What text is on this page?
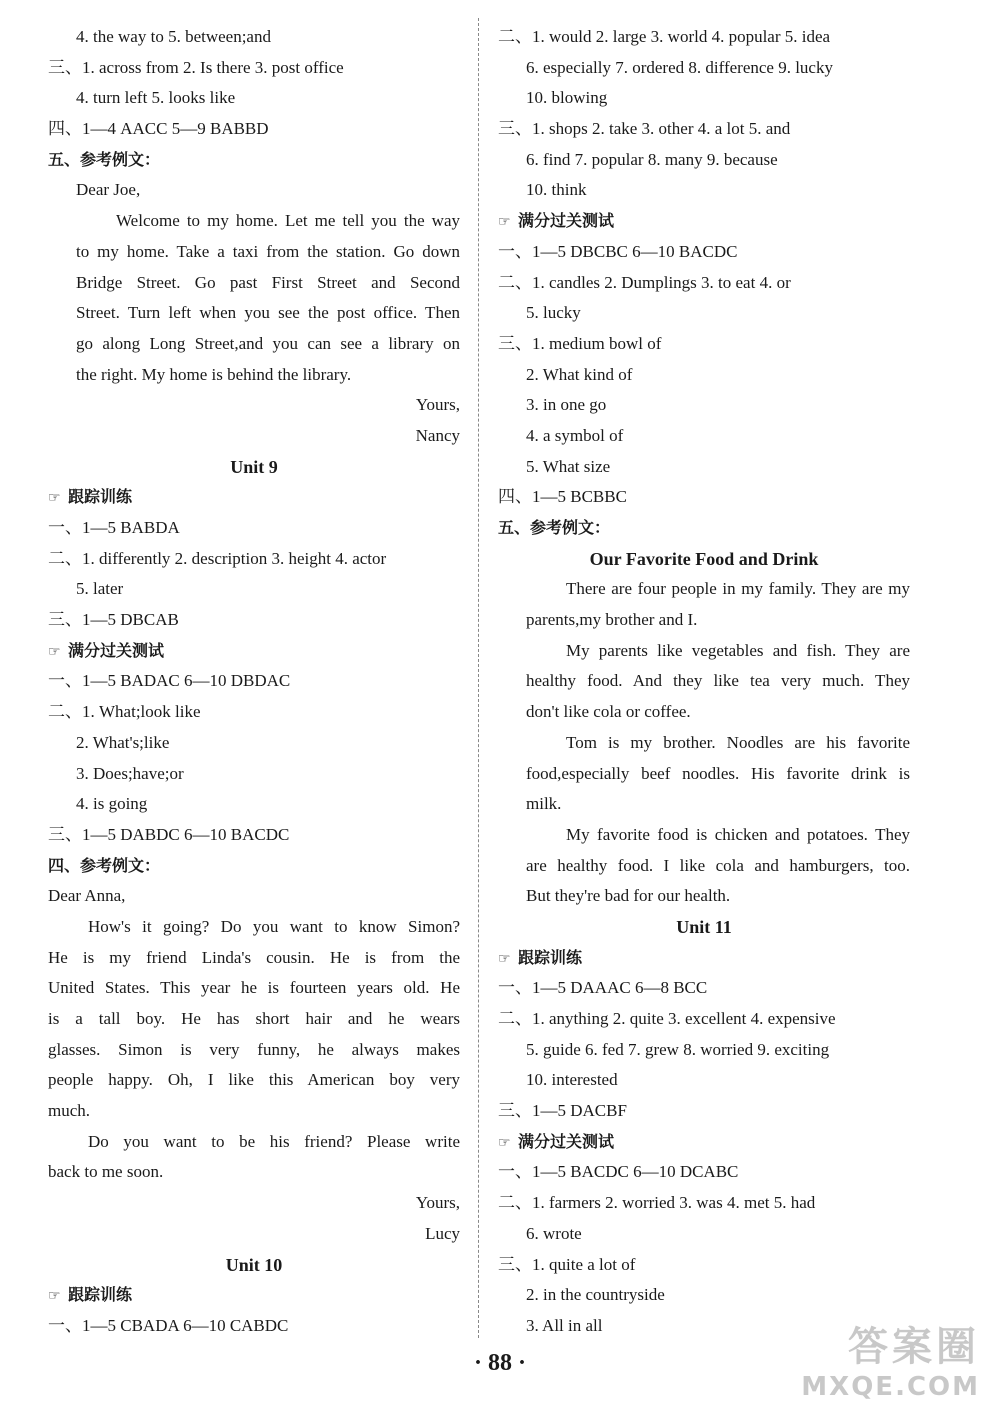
4. the way to 5. between;and
三、1. across from 2. Is there 3. post office
4. turn left 5. looks like
四、1—4 AACC 5—9 BABBD
五、参考例文：
Dear Joe,
Welcome to my home. Let me tell you the way
to my home. Take a taxi from the station. Go down
Bridge Street. Go past First Street and Second
Street. Turn left when you see the post office. Then
go along Long Street,and you can see a library on
the right. My home is behind the library.
Yours,
Nancy
Unit 9
☞ 跟踪训练
一、1—5 BABDA
二、1. differently 2. description 3. height 4. actor
5. later
三、1—5 DBCAB
☞ 满分过关测试
一、1—5 BADAC 6—10 DBDAC
二、1. What;look like
2. What's;like
3. Does;have;or
4. is going
三、1—5 DABDC 6—10 BACDC
四、参考例文：
Dear Anna,
How's it going? Do you want to know Simon?
He is my friend Linda's cousin. He is from the
United States. This year he is fourteen years old. He
is a tall boy. He has short hair and he wears
glasses. Simon is very funny, he always makes
people happy. Oh, I like this American boy very
much.
Do you want to be his friend? Please write
back to me soon.
Yours,
Lucy
Unit 10
☞ 跟踪训练
一、1—5 CBADA 6—10 CABDC
二、1. would 2. large 3. world 4. popular 5. idea
6. especially 7. ordered 8. difference 9. lucky
10. blowing
三、1. shops 2. take 3. other 4. a lot 5. and
6. find 7. popular 8. many 9. because
10. think
☞ 满分过关测试
一、1—5 DBCBC 6—10 BACDC
二、1. candles 2. Dumplings 3. to eat 4. or
5. lucky
三、1. medium bowl of
2. What kind of
3. in one go
4. a symbol of
5. What size
四、1—5 BCBBC
五、参考例文：
Our Favorite Food and Drink
There are four people in my family. They are my
parents,my brother and I.
My parents like vegetables and fish. They are
healthy food. And they like tea very much. They
don't like cola or coffee.
Tom is my brother. Noodles are his favorite
food,especially beef noodles. His favorite drink is
milk.
My favorite food is chicken and potatoes. They
are healthy food. I like cola and hamburgers, too.
But they're bad for our health.
Unit 11
☞ 跟踪训练
一、1—5 DAAAC 6—8 BCC
二、1. anything 2. quite 3. excellent 4. expensive
5. guide 6. fed 7. grew 8. worried 9. exciting
10. interested
三、1—5 DACBF
☞ 满分过关测试
一、1—5 BACDC 6—10 DCABC
二、1. farmers 2. worried 3. was 4. met 5. had
6. wrote
三、1. quite a lot of
2. in the countryside
3. All in all
· 88 ·	答案圈
MXQE.COM
